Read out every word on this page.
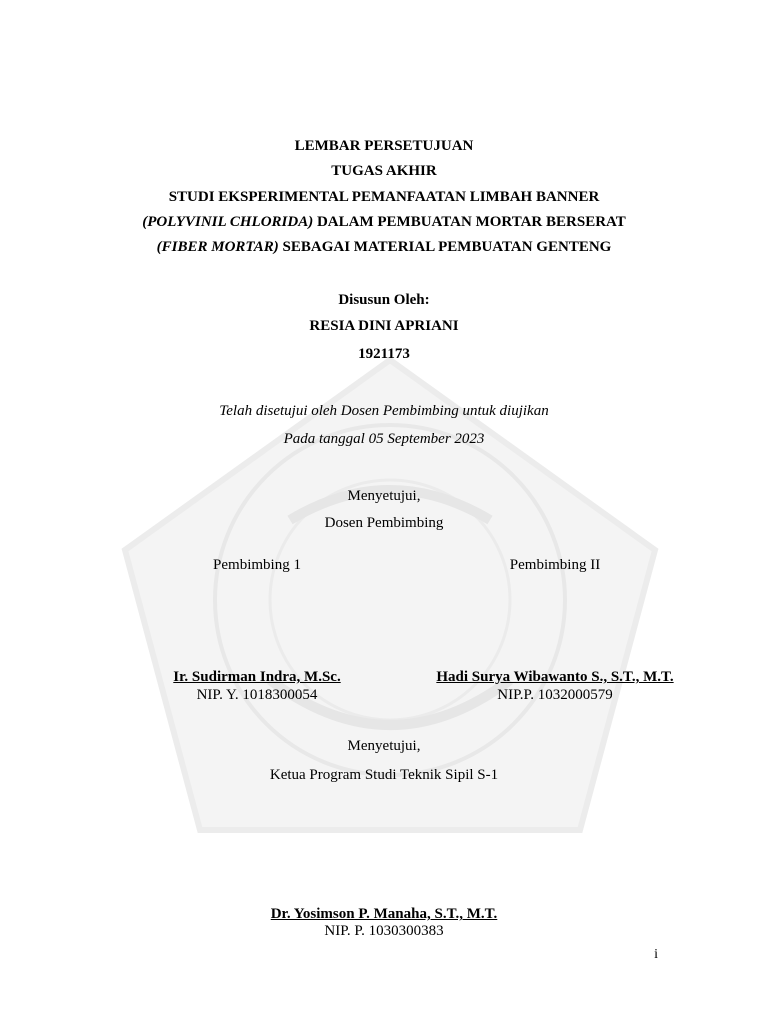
LEMBAR PERSETUJUAN
TUGAS AKHIR
STUDI EKSPERIMENTAL PEMANFAATAN LIMBAH BANNER
(POLYVINIL CHLORIDA) DALAM PEMBUATAN MORTAR BERSERAT
(FIBER MORTAR) SEBAGAI MATERIAL PEMBUATAN GENTENG
Disusun Oleh:
RESIA DINI APRIANI
1921173
Telah disetujui oleh Dosen Pembimbing untuk diujikan
Pada tanggal 05 September 2023
Menyetujui,
Dosen Pembimbing
Pembimbing 1	Pembimbing II
Ir. Sudirman Indra, M.Sc.
NIP. Y. 1018300054
Hadi Surya Wibawanto S., S.T., M.T.
NIP.P. 1032000579
Menyetujui,
Ketua Program Studi Teknik Sipil S-1
Dr. Yosimson P. Manaha, S.T., M.T.
NIP. P. 1030300383
i
